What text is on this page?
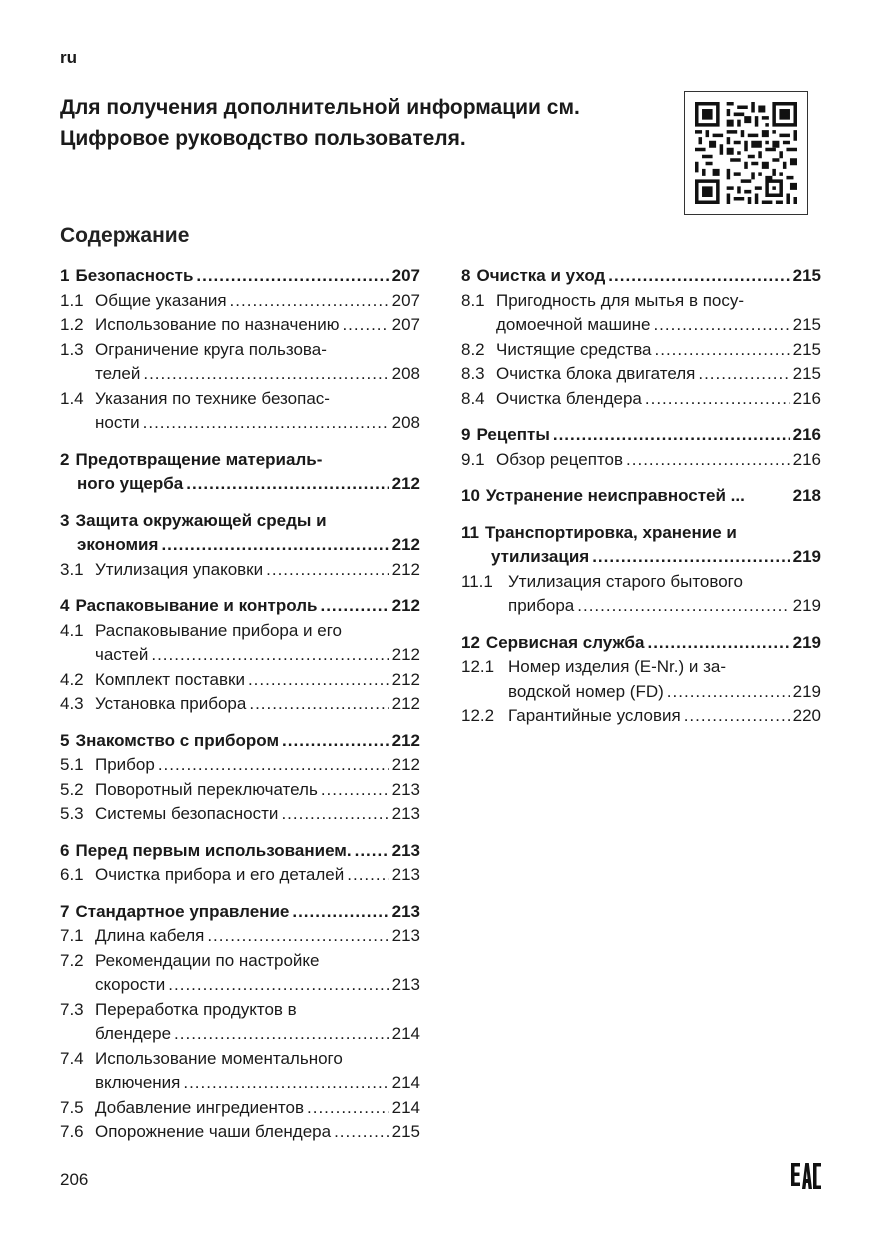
ru
Для получения дополнительной информации см.
Цифровое руководство пользователя.
Содержание
1 Безопасность .....	207
1.1 Общие указания .....	207
1.2 Использование по назначению .....	207
1.3 Ограничение круга пользова-
телей .....	208
1.4 Указания по технике безопас-
ности .....	208
2 Предотвращение материаль-
ного ущерба .....	212
3 Защита окружающей среды и
экономия .....	212
3.1 Утилизация упаковки .....	212
4 Распаковывание и контроль .....	212
4.1 Распаковывание прибора и его
частей .....	212
4.2 Комплект поставки .....	212
4.3 Установка прибора .....	212
5 Знакомство с прибором .....	212
5.1 Прибор .....	212
5.2 Поворотный переключатель .....	213
5.3 Системы безопасности .....	213
6 Перед первым использованием. ..... 213
6.1 Очистка прибора и его деталей .....	213
7 Стандартное управление .....	213
7.1 Длина кабеля .....	213
7.2 Рекомендации по настройке
скорости .....	213
7.3 Переработка продуктов в
блендере .....	214
7.4 Использование моментального
включения .....	214
7.5 Добавление ингредиентов .....	214
7.6 Опорожнение чаши блендера .....	215
8 Очистка и уход .....	215
8.1 Пригодность для мытья в посу-
домоечной машине .....	215
8.2 Чистящие средства .....	215
8.3 Очистка блока двигателя .....	215
8.4 Очистка блендера .....	216
9 Рецепты .....	216
9.1 Обзор рецептов .....	216
10 Устранение неисправностей ...	218
11 Транспортировка, хранение и
утилизация .....	219
11.1 Утилизация старого бытового
прибора .....	219
12 Сервисная служба .....	219
12.1 Номер изделия (E-Nr.) и за-
водской номер (FD) .....	219
12.2 Гарантийные условия .....	220
206
